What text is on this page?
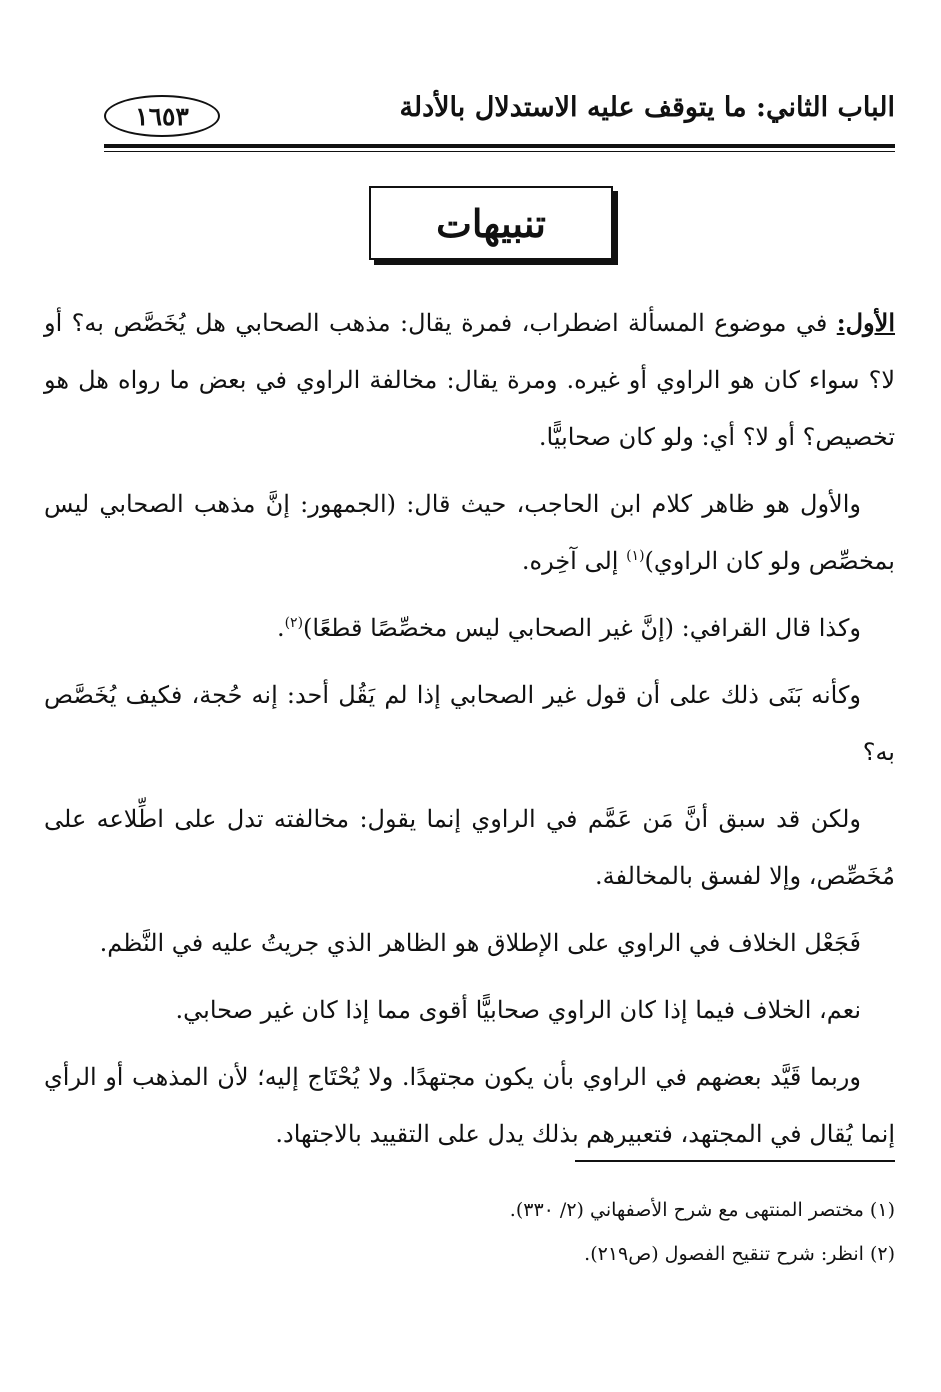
الباب الثاني: ما يتوقف عليه الاستدلال بالأدلة
١٦٥٣
تنبيهات

الأول: في موضوع المسألة اضطراب، فمرة يقال: مذهب الصحابي هل يُخَصَّص به؟ أو لا؟ سواء كان هو الراوي أو غيره. ومرة يقال: مخالفة الراوي في بعض ما رواه هل هو تخصيص؟ أو لا؟ أي: ولو كان صحابيًّا.

والأول هو ظاهر كلام ابن الحاجب، حيث قال: (الجمهور: إنَّ مذهب الصحابي ليس بمخصِّص ولو كان الراوي)$^{(١)}$ إلى آخِره.

وكذا قال القرافي: (إنَّ غير الصحابي ليس مخصِّصًا قطعًا)$^{(٢)}$.

وكأنه بَنَى ذلك على أن قول غير الصحابي إذا لم يَقُل أحد: إنه حُجة، فكيف يُخَصَّص به؟

ولكن قد سبق أنَّ مَن عَمَّم في الراوي إنما يقول: مخالفته تدل على اطِّلاعه على مُخَصِّص، وإلا لفسق بالمخالفة.

فَجَعْل الخلاف في الراوي على الإطلاق هو الظاهر الذي جريتُ عليه في النَّظم.

نعم، الخلاف فيما إذا كان الراوي صحابيًّا أقوى مما إذا كان غير صحابي.

وربما قَيَّد بعضهم في الراوي بأن يكون مجتهدًا. ولا يُحْتَاج إليه؛ لأن المذهب أو الرأي إنما يُقال في المجتهد، فتعبيرهم بذلك يدل على التقييد بالاجتهاد.

(١) مختصر المنتهى مع شرح الأصفهاني (٢/ ٣٣٠).
(٢) انظر: شرح تنقيح الفصول (ص٢١٩).
